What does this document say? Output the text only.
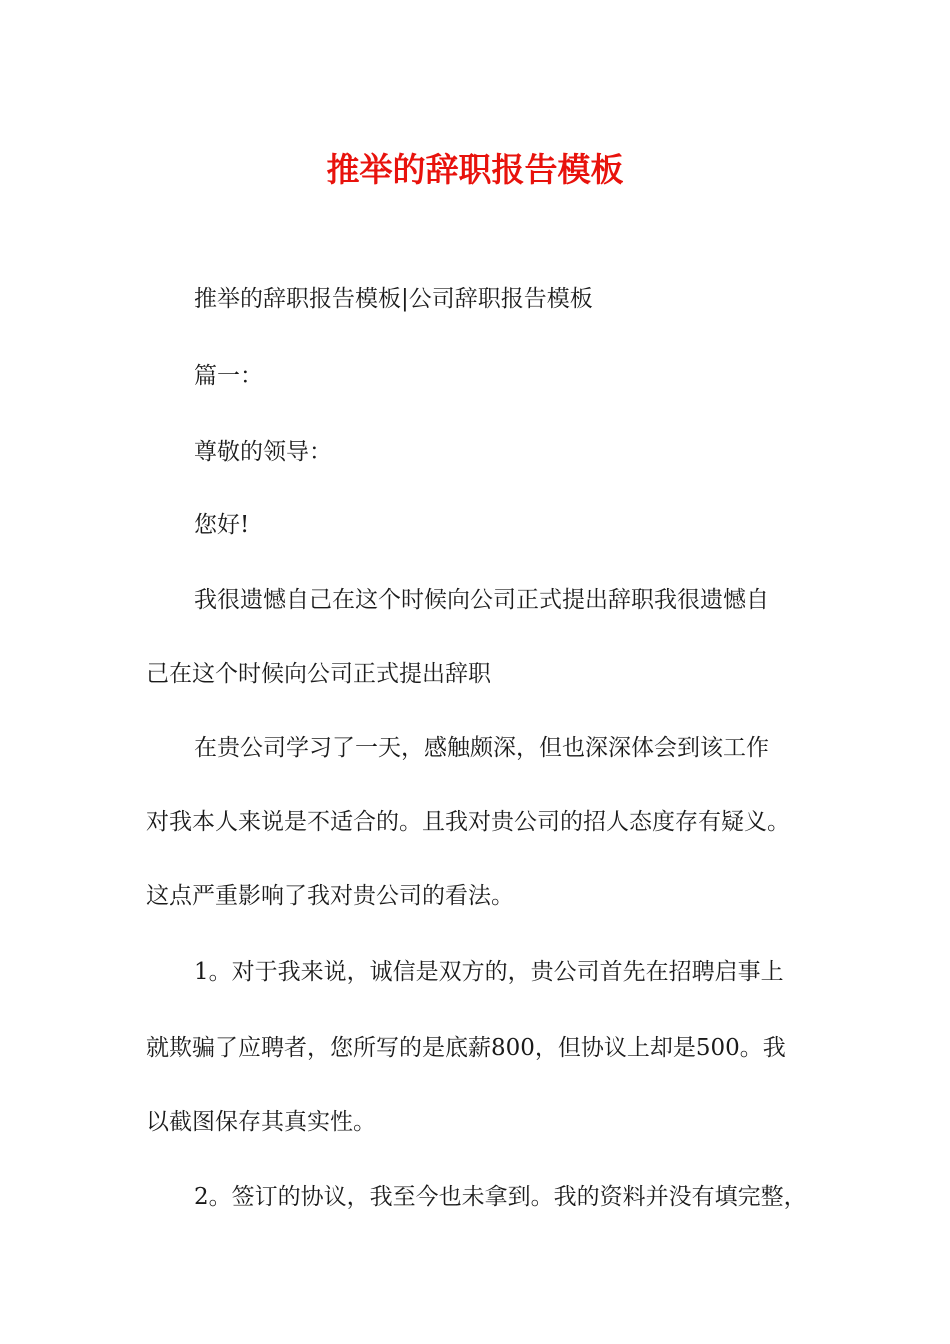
推举的辞职报告模板

推举的辞职报告模板|公司辞职报告模板

篇一：

尊敬的领导：

您好!

我很遗憾自己在这个时候向公司正式提出辞职我很遗憾自

己在这个时候向公司正式提出辞职

在贵公司学习了一天，感触颇深，但也深深体会到该工作

对我本人来说是不适合的。且我对贵公司的招人态度存有疑义。

这点严重影响了我对贵公司的看法。

1。对于我来说，诚信是双方的，贵公司首先在招聘启事上

就欺骗了应聘者，您所写的是底薪800，但协议上却是500。我

以截图保存其真实性。

2。签订的协议，我至今也未拿到。我的资料并没有填完整，
